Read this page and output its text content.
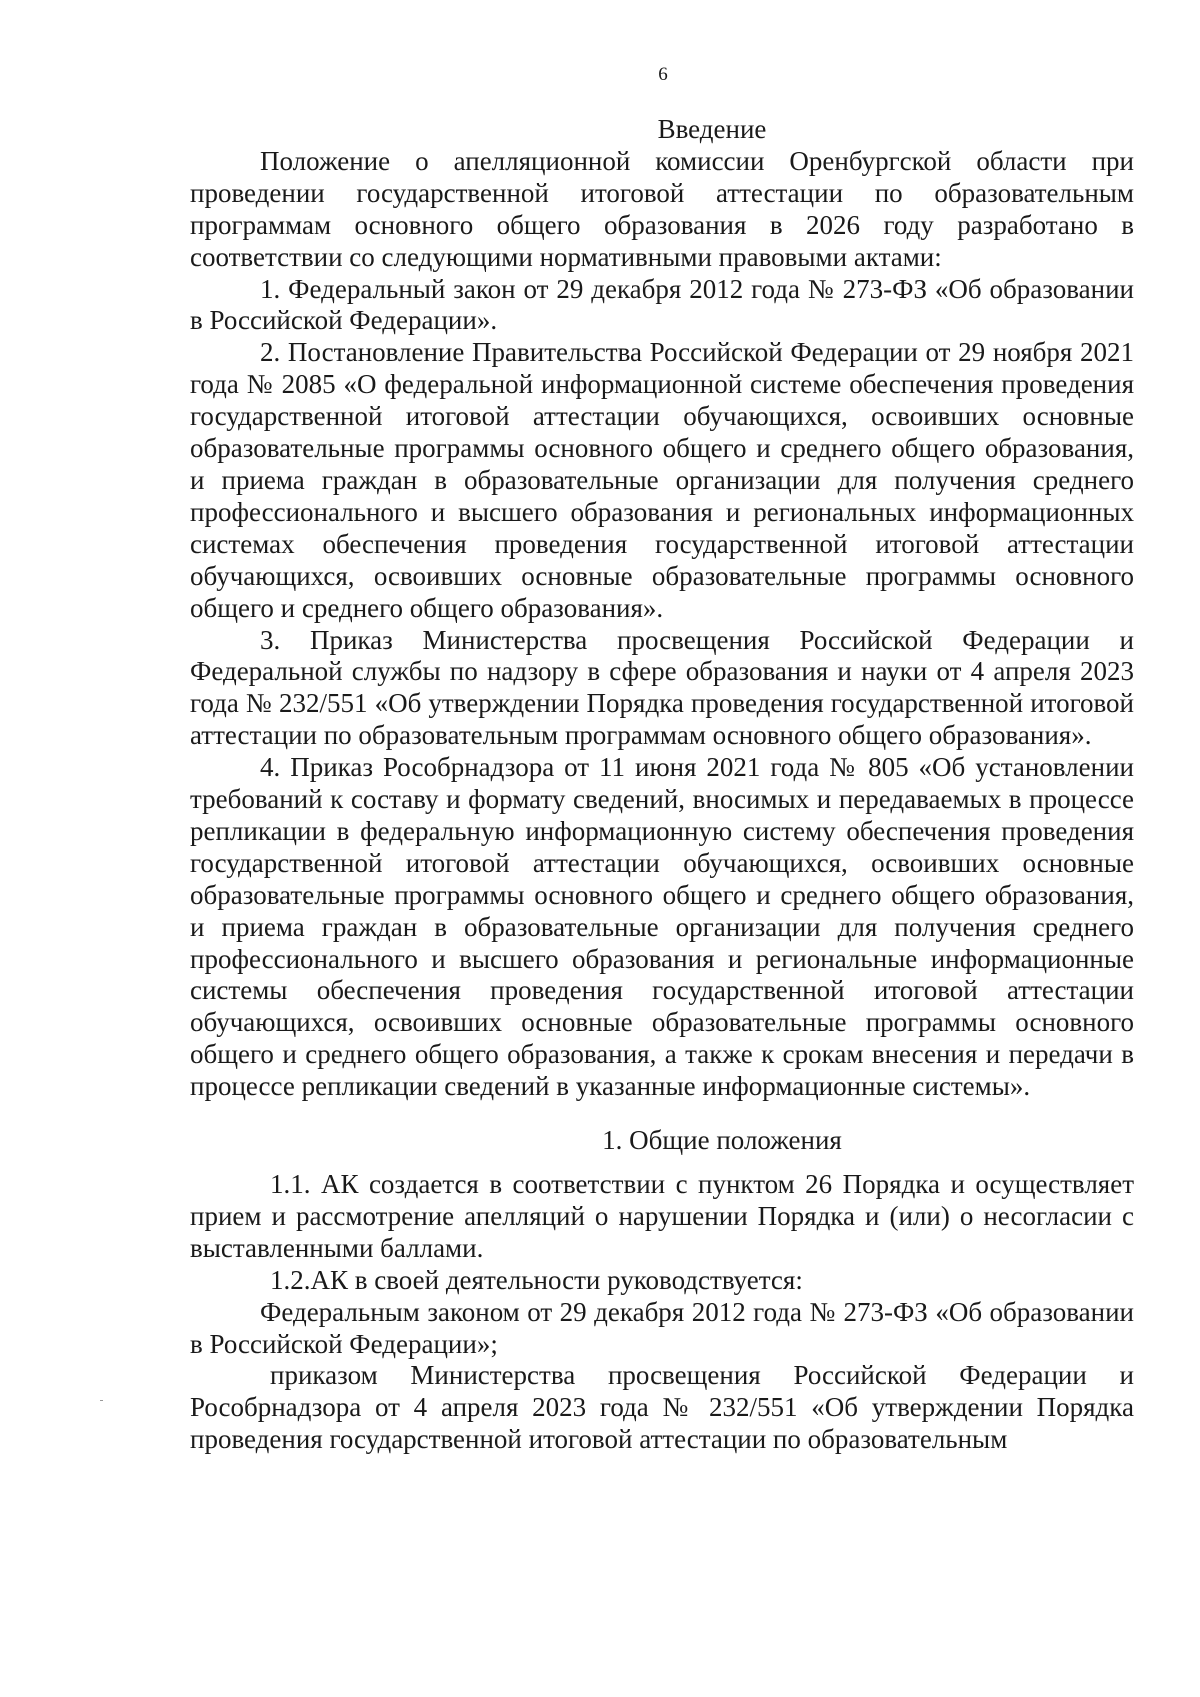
6
Введение

Положение о апелляционной комиссии Оренбургской области при проведении государственной итоговой аттестации по образовательным программам основного общего образования в 2026 году разработано в соответствии со следующими нормативными правовыми актами:

1. Федеральный закон от 29 декабря 2012 года № 273-ФЗ «Об образовании в Российской Федерации».

2. Постановление Правительства Российской Федерации от 29 ноября 2021 года № 2085 «О федеральной информационной системе обеспечения проведения государственной итоговой аттестации обучающихся, освоивших основные образовательные программы основного общего и среднего общего образования, и приема граждан в образовательные организации для получения среднего профессионального и высшего образования и региональных информационных системах обеспечения проведения государственной итоговой аттестации обучающихся, освоивших основные образовательные программы основного общего и среднего общего образования».

3. Приказ Министерства просвещения Российской Федерации и Федеральной службы по надзору в сфере образования и науки от 4 апреля 2023 года № 232/551 «Об утверждении Порядка проведения государственной итоговой аттестации по образовательным программам основного общего образования».

4. Приказ Рособрнадзора от 11 июня 2021 года № 805 «Об установлении требований к составу и формату сведений, вносимых и передаваемых в процессе репликации в федеральную информационную систему обеспечения проведения государственной итоговой аттестации обучающихся, освоивших основные образовательные программы основного общего и среднего общего образования, и приема граждан в образовательные организации для получения среднего профессионального и высшего образования и региональные информационные системы обеспечения проведения государственной итоговой аттестации обучающихся, освоивших основные образовательные программы основного общего и среднего общего образования, а также к срокам внесения и передачи в процессе репликации сведений в указанные информационные системы».

1. Общие положения

1.1. АК создается в соответствии с пунктом 26 Порядка и осуществляет прием и рассмотрение апелляций о нарушении Порядка и (или) о несогласии с выставленными баллами.

1.2.АК в своей деятельности руководствуется:

Федеральным законом от 29 декабря 2012 года № 273-ФЗ «Об образовании в Российской Федерации»;

приказом Министерства просвещения Российской Федерации и Рособрнадзора от 4 апреля 2023 года № 232/551 «Об утверждении Порядка проведения государственной итоговой аттестации по образовательным
